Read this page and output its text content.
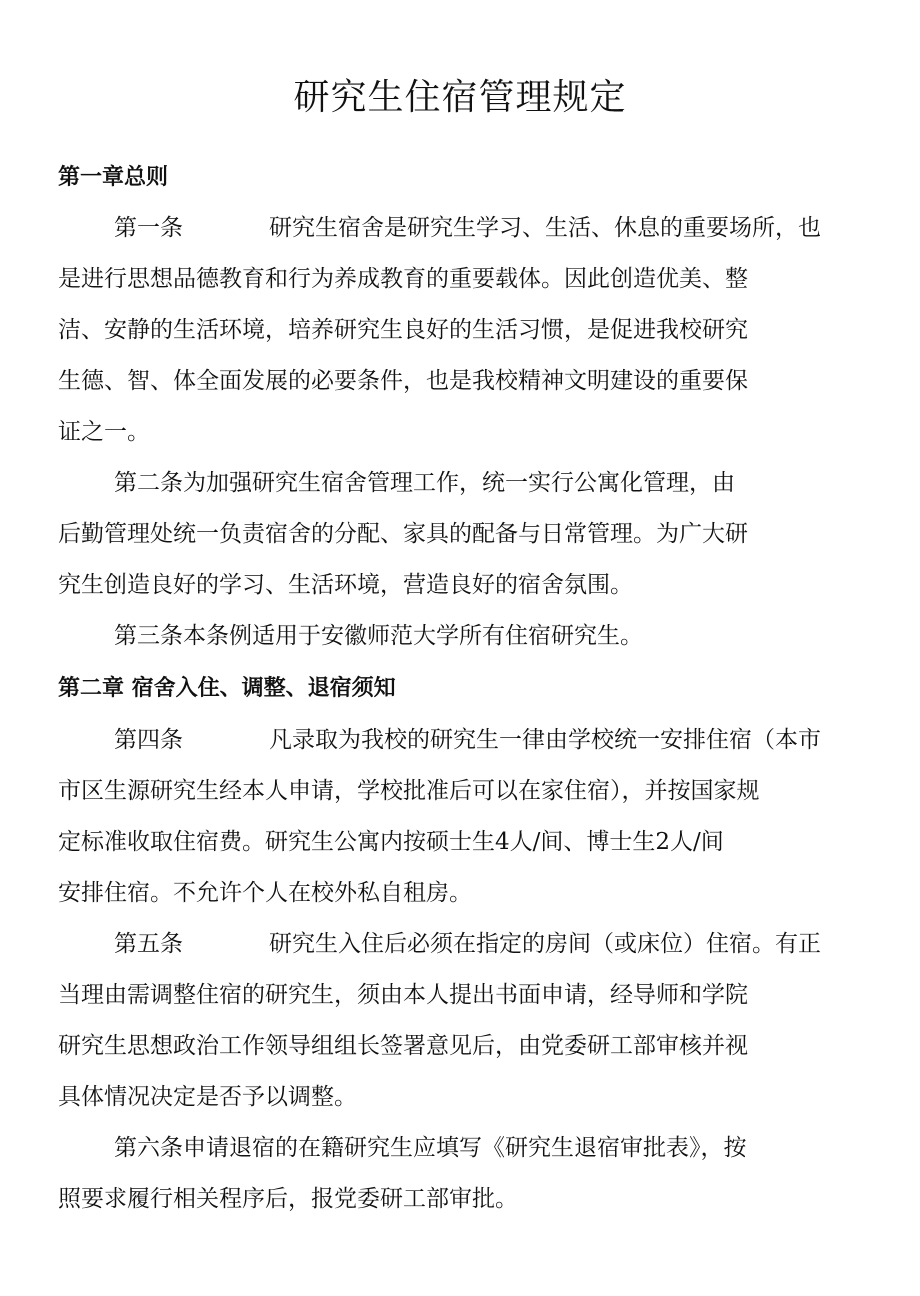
研究生住宿管理规定

第一章总则

第一条	研究生宿舍是研究生学习、生活、休息的重要场所，也

是进行思想品德教育和行为养成教育的重要载体。因此创造优美、整

洁、安静的生活环境，培养研究生良好的生活习惯，是促进我校研究

生德、智、体全面发展的必要条件，也是我校精神文明建设的重要保

证之一。

第二条为加强研究生宿舍管理工作，统一实行公寓化管理，由

后勤管理处统一负责宿舍的分配、家具的配备与日常管理。为广大研

究生创造良好的学习、生活环境，营造良好的宿舍氛围。

第三条本条例适用于安徽师范大学所有住宿研究生。

第二章 宿舍入住、调整、退宿须知

第四条	凡录取为我校的研究生一律由学校统一安排住宿（本市

市区生源研究生经本人申请，学校批准后可以在家住宿），并按国家规

定标准收取住宿费。研究生公寓内按硕士生4人/间、博士生2人/间

安排住宿。不允许个人在校外私自租房。

第五条	研究生入住后必须在指定的房间（或床位）住宿。有正

当理由需调整住宿的研究生，须由本人提出书面申请，经导师和学院

研究生思想政治工作领导组组长签署意见后，由党委研工部审核并视

具体情况决定是否予以调整。

第六条申请退宿的在籍研究生应填写《研究生退宿审批表》，按

照要求履行相关程序后，报党委研工部审批。
